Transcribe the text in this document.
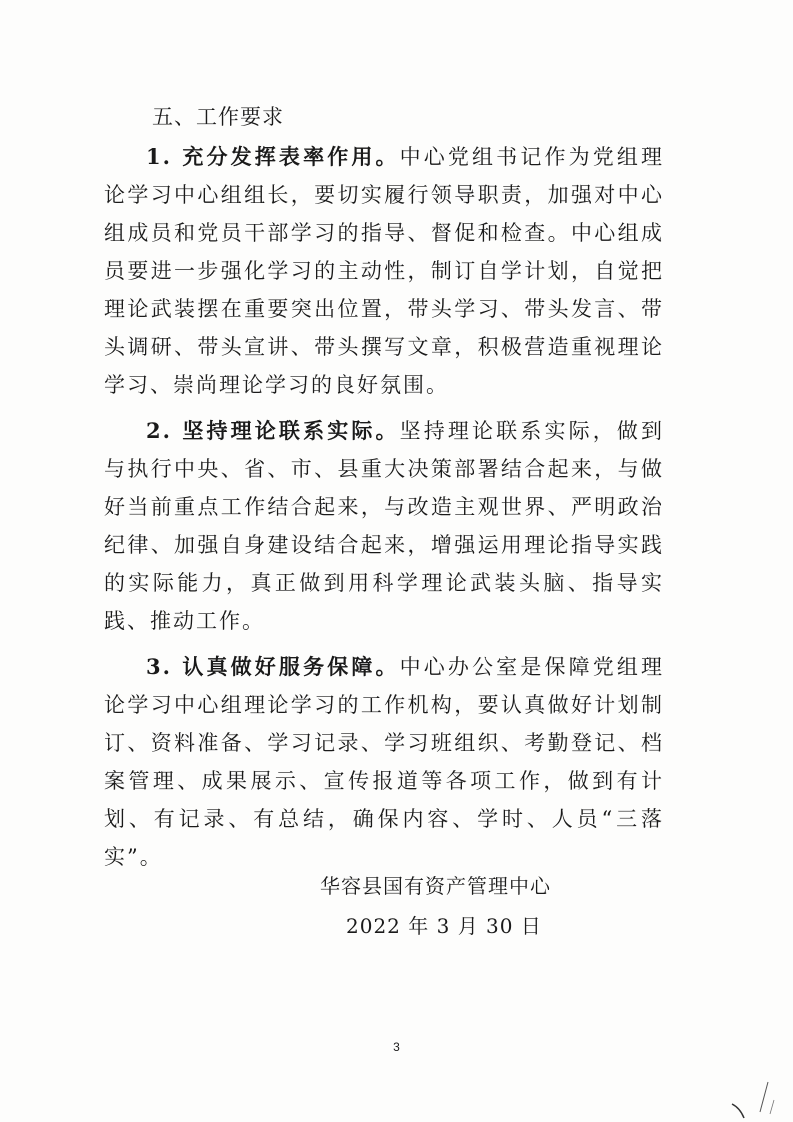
五、工作要求

1. 充分发挥表率作用。中心党组书记作为党组理论学习中心组组长，要切实履行领导职责，加强对中心组成员和党员干部学习的指导、督促和检查。中心组成员要进一步强化学习的主动性，制订自学计划，自觉把理论武装摆在重要突出位置，带头学习、带头发言、带头调研、带头宣讲、带头撰写文章，积极营造重视理论学习、崇尚理论学习的良好氛围。

2. 坚持理论联系实际。坚持理论联系实际，做到与执行中央、省、市、县重大决策部署结合起来，与做好当前重点工作结合起来，与改造主观世界、严明政治纪律、加强自身建设结合起来，增强运用理论指导实践的实际能力，真正做到用科学理论武装头脑、指导实践、推动工作。

3. 认真做好服务保障。中心办公室是保障党组理论学习中心组理论学习的工作机构，要认真做好计划制订、资料准备、学习记录、学习班组织、考勤登记、档案管理、成果展示、宣传报道等各项工作，做到有计划、有记录、有总结，确保内容、学时、人员“三落实”。

华容县国有资产管理中心
2022 年 3 月 30 日
3
